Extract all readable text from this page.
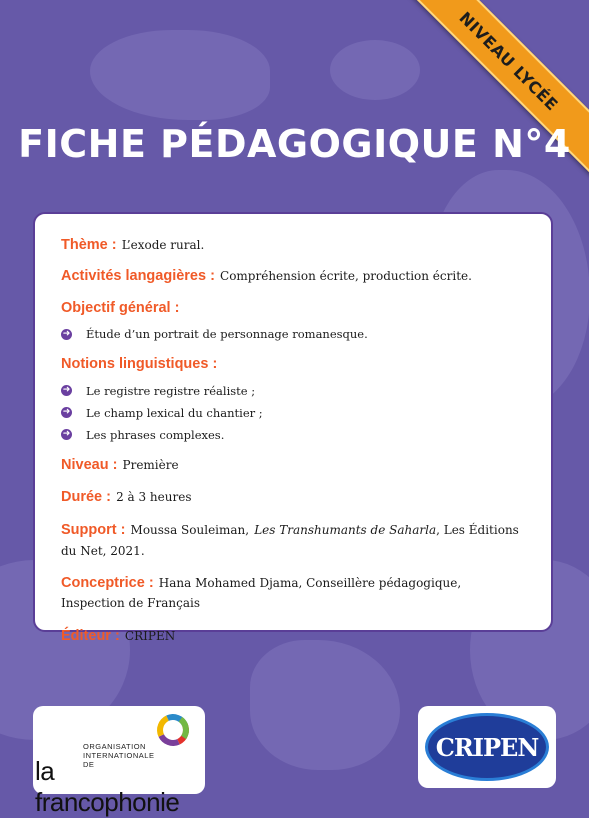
NIVEAU LYCÉE
FICHE PÉDAGOGIQUE N°4

Thème : L’exode rural.

Activités langagières : Compréhension écrite, production écrite.

Objectif général :

➜ Étude d’un portrait de personnage romanesque.

Notions linguistiques :

➜ Le registre registre réaliste ;
➜ Le champ lexical du chantier ;
➜ Les phrases complexes.

Niveau : Première

Durée : 2 à 3 heures

Support : Moussa Souleiman, Les Transhumants de Saharla, Les Éditions du Net, 2021.

Conceptrice : Hana Mohamed Djama, Conseillère pédagogique, Inspection de Français

Éditeur : CRIPEN

ORGANISATION INTERNATIONALE DE
la francophonie
CRIPEN
